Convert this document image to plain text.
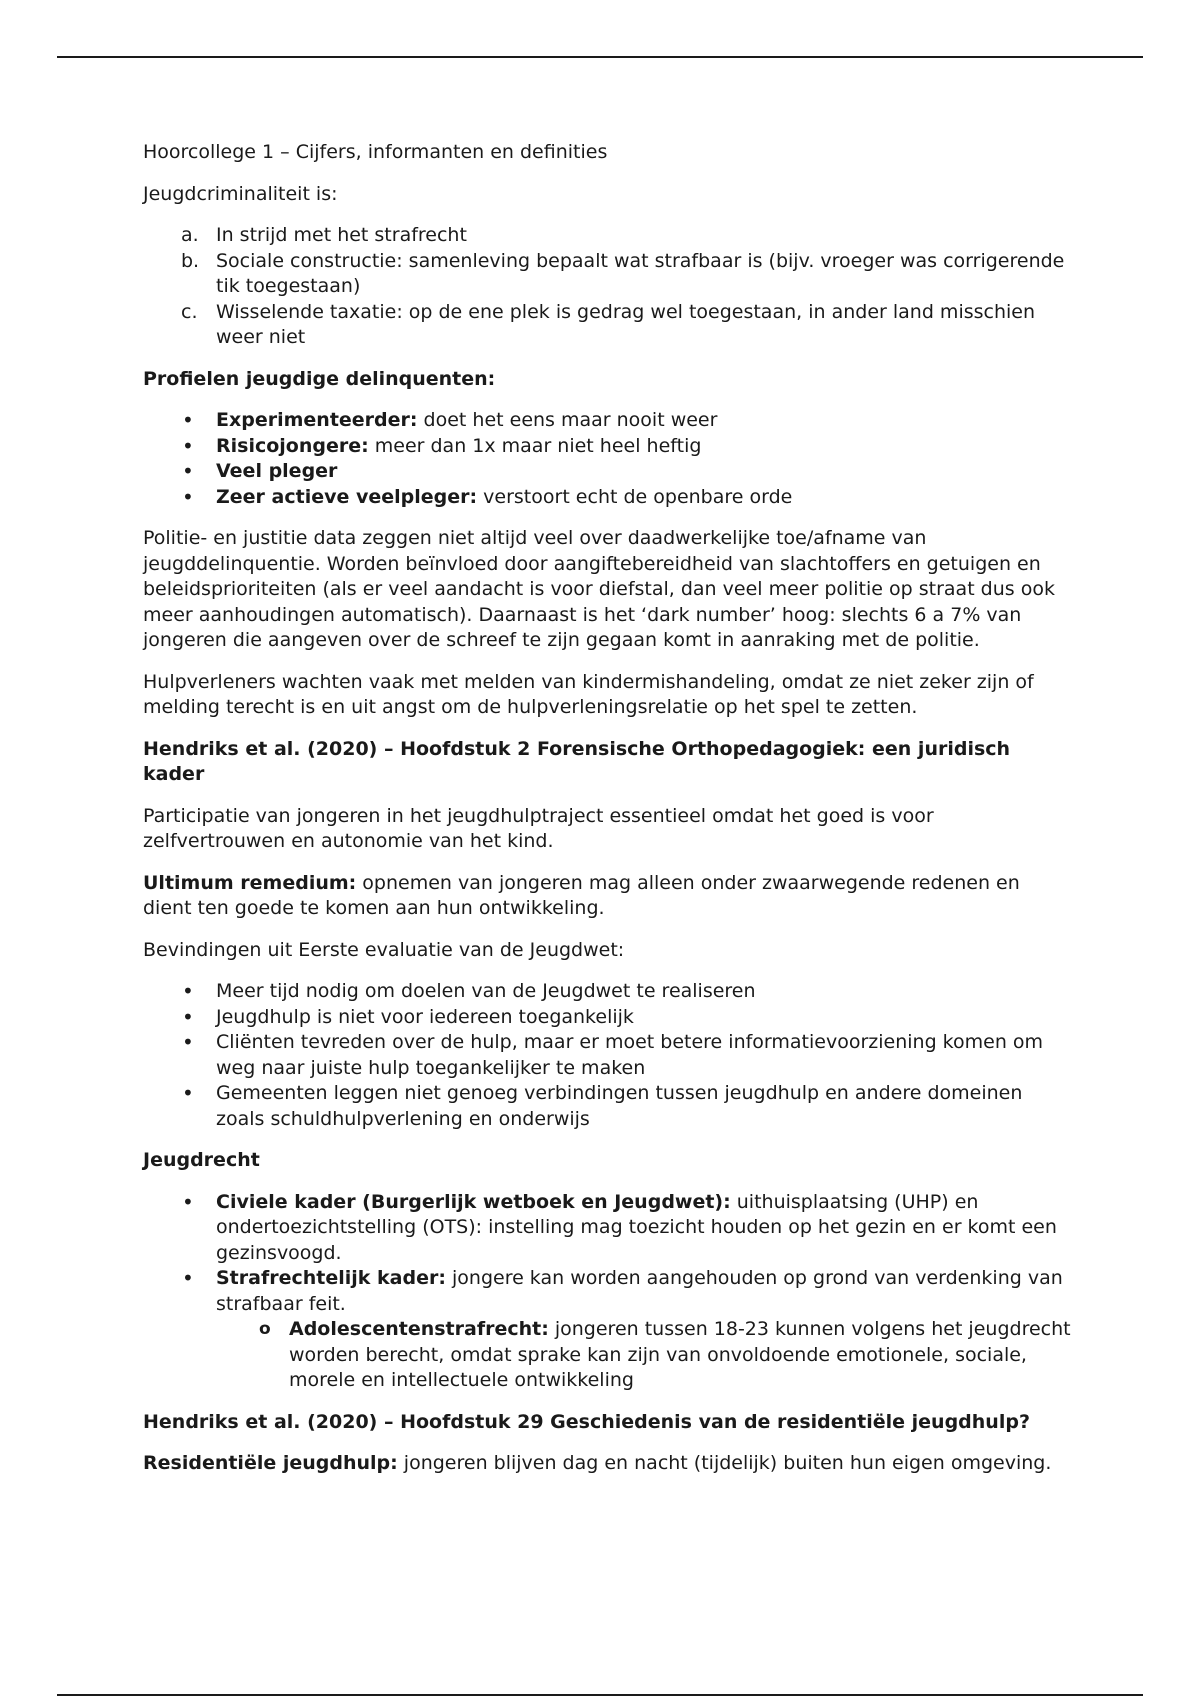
Hoorcollege 1 – Cijfers, informanten en definities

Jeugdcriminaliteit is:

a. In strijd met het strafrecht
b. Sociale constructie: samenleving bepaalt wat strafbaar is (bijv. vroeger was corrigerende tik toegestaan)
c. Wisselende taxatie: op de ene plek is gedrag wel toegestaan, in ander land misschien weer niet

Profielen jeugdige delinquenten:

• Experimenteerder: doet het eens maar nooit weer
• Risicojongere: meer dan 1x maar niet heel heftig
• Veel pleger
• Zeer actieve veelpleger: verstoort echt de openbare orde

Politie- en justitie data zeggen niet altijd veel over daadwerkelijke toe/afname van jeugddelinquentie. Worden beïnvloed door aangiftebereidheid van slachtoffers en getuigen en beleidsprioriteiten (als er veel aandacht is voor diefstal, dan veel meer politie op straat dus ook meer aanhoudingen automatisch). Daarnaast is het ‘dark number’ hoog: slechts 6 a 7% van jongeren die aangeven over de schreef te zijn gegaan komt in aanraking met de politie.

Hulpverleners wachten vaak met melden van kindermishandeling, omdat ze niet zeker zijn of melding terecht is en uit angst om de hulpverleningsrelatie op het spel te zetten.

Hendriks et al. (2020) – Hoofdstuk 2 Forensische Orthopedagogiek: een juridisch kader

Participatie van jongeren in het jeugdhulptraject essentieel omdat het goed is voor zelfvertrouwen en autonomie van het kind.

Ultimum remedium: opnemen van jongeren mag alleen onder zwaarwegende redenen en dient ten goede te komen aan hun ontwikkeling.

Bevindingen uit Eerste evaluatie van de Jeugdwet:

• Meer tijd nodig om doelen van de Jeugdwet te realiseren
• Jeugdhulp is niet voor iedereen toegankelijk
• Cliënten tevreden over de hulp, maar er moet betere informatievoorziening komen om weg naar juiste hulp toegankelijker te maken
• Gemeenten leggen niet genoeg verbindingen tussen jeugdhulp en andere domeinen zoals schuldhulpverlening en onderwijs

Jeugdrecht

• Civiele kader (Burgerlijk wetboek en Jeugdwet): uithuisplaatsing (UHP) en ondertoezichtstelling (OTS): instelling mag toezicht houden op het gezin en er komt een gezinsvoogd.
• Strafrechtelijk kader: jongere kan worden aangehouden op grond van verdenking van strafbaar feit.
o Adolescentenstrafrecht: jongeren tussen 18-23 kunnen volgens het jeugdrecht worden berecht, omdat sprake kan zijn van onvoldoende emotionele, sociale, morele en intellectuele ontwikkeling

Hendriks et al. (2020) – Hoofdstuk 29 Geschiedenis van de residentiële jeugdhulp?

Residentiële jeugdhulp: jongeren blijven dag en nacht (tijdelijk) buiten hun eigen omgeving.
